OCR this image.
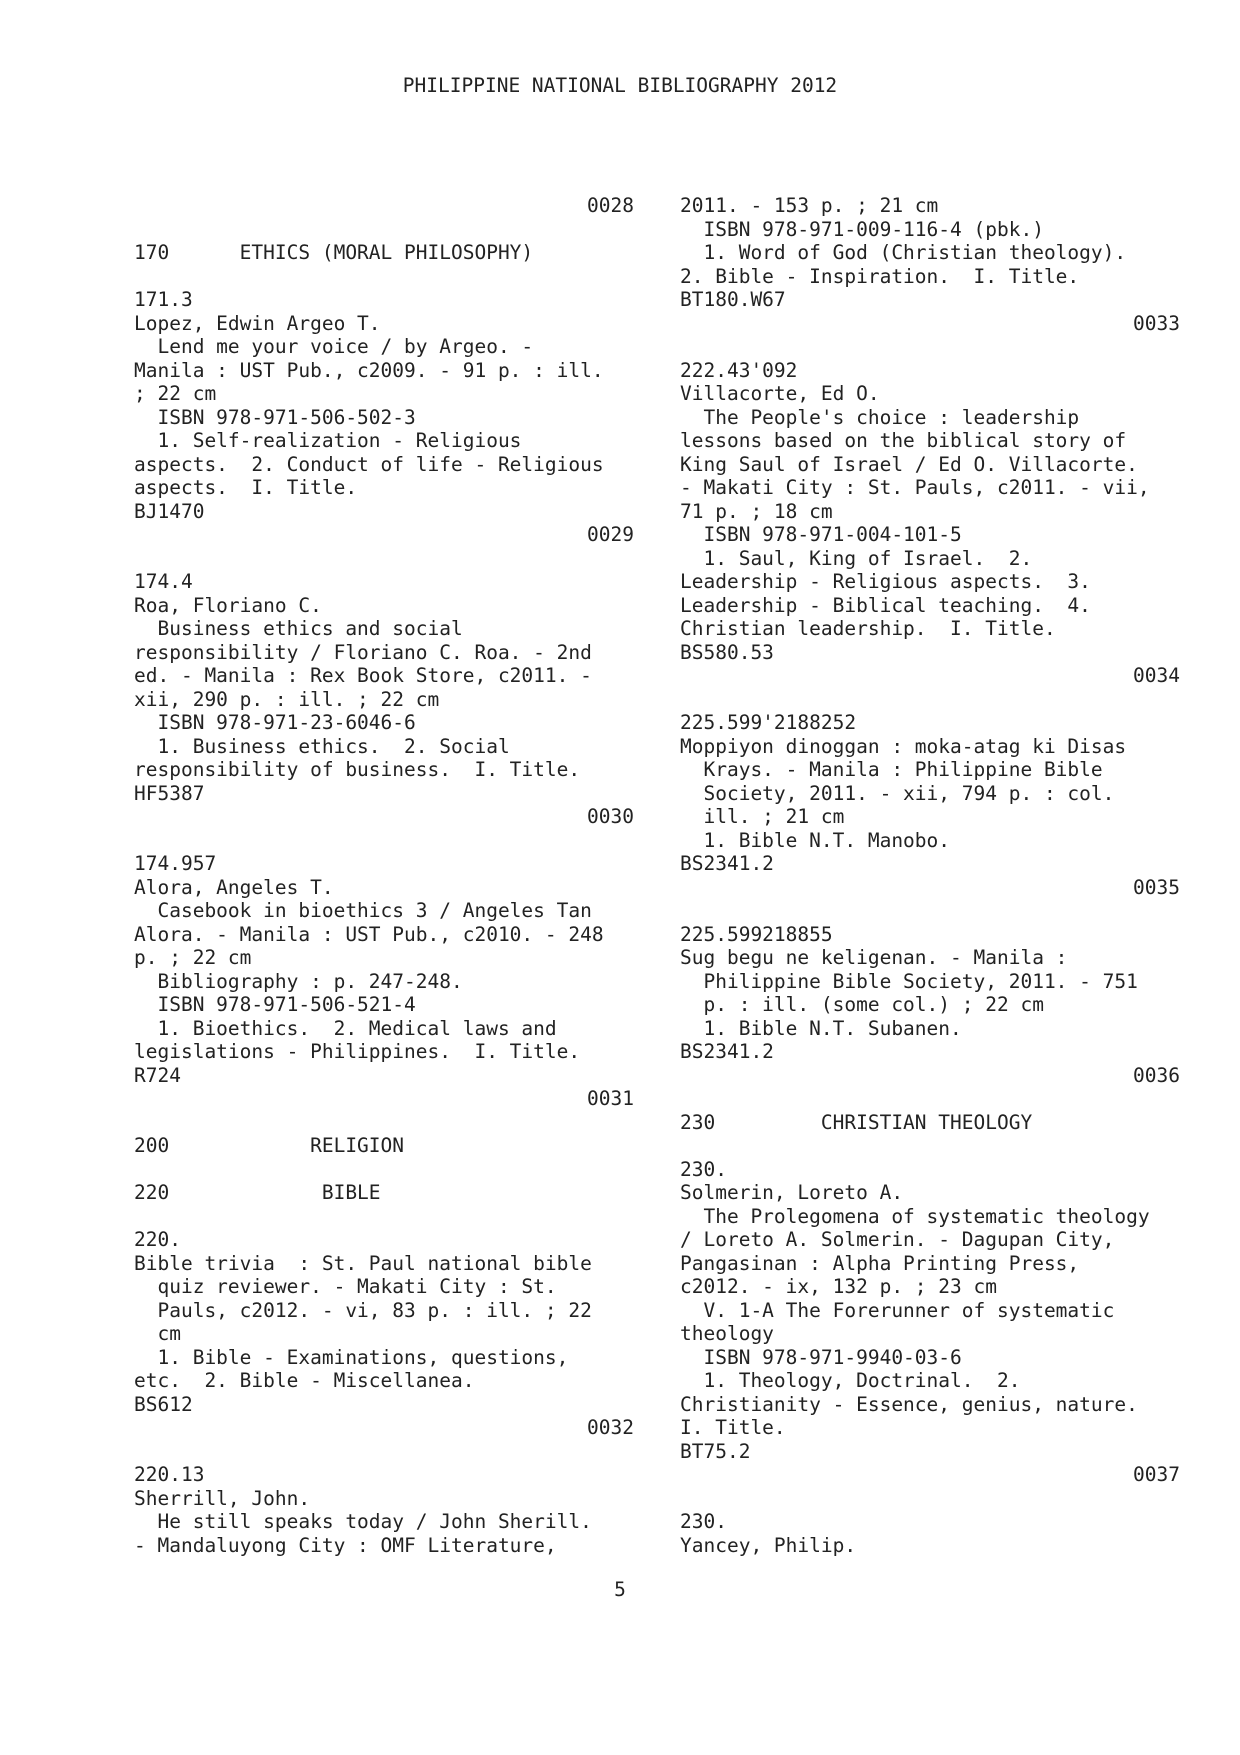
PHILIPPINE NATIONAL BIBLIOGRAPHY 2012
0028
170      ETHICS (MORAL PHILOSOPHY)
171.3
Lopez, Edwin Argeo T.
Lend me your voice / by Argeo. -
Manila : UST Pub., c2009. - 91 p. : ill.
; 22 cm
ISBN 978-971-506-502-3
1. Self-realization - Religious
aspects.  2. Conduct of life - Religious
aspects.  I. Title.
BJ1470
0029
174.4
Roa, Floriano C.
Business ethics and social
responsibility / Floriano C. Roa. - 2nd
ed. - Manila : Rex Book Store, c2011. -
xii, 290 p. : ill. ; 22 cm
ISBN 978-971-23-6046-6
1. Business ethics.  2. Social
responsibility of business.  I. Title.
HF5387
0030
174.957
Alora, Angeles T.
Casebook in bioethics 3 / Angeles Tan
Alora. - Manila : UST Pub., c2010. - 248
p. ; 22 cm
Bibliography : p. 247-248.
ISBN 978-971-506-521-4
1. Bioethics.  2. Medical laws and
legislations - Philippines.  I. Title.
R724
0031
200            RELIGION
220             BIBLE
220.
Bible trivia  : St. Paul national bible
quiz reviewer. - Makati City : St.
Pauls, c2012. - vi, 83 p. : ill. ; 22
cm
1. Bible - Examinations, questions,
etc.  2. Bible - Miscellanea.
BS612
0032
220.13
Sherrill, John.
He still speaks today / John Sherill.
- Mandaluyong City : OMF Literature,
2011. - 153 p. ; 21 cm
ISBN 978-971-009-116-4 (pbk.)
1. Word of God (Christian theology).
2. Bible - Inspiration.  I. Title.
BT180.W67
0033
222.43'092
Villacorte, Ed O.
The People's choice : leadership
lessons based on the biblical story of
King Saul of Israel / Ed O. Villacorte.
- Makati City : St. Pauls, c2011. - vii,
71 p. ; 18 cm
ISBN 978-971-004-101-5
1. Saul, King of Israel.  2.
Leadership - Religious aspects.  3.
Leadership - Biblical teaching.  4.
Christian leadership.  I. Title.
BS580.53
0034
225.599'2188252
Moppiyon dinoggan : moka-atag ki Disas
Krays. - Manila : Philippine Bible
Society, 2011. - xii, 794 p. : col.
ill. ; 21 cm
1. Bible N.T. Manobo.
BS2341.2
0035
225.599218855
Sug begu ne keligenan. - Manila :
Philippine Bible Society, 2011. - 751
p. : ill. (some col.) ; 22 cm
1. Bible N.T. Subanen.
BS2341.2
0036
230         CHRISTIAN THEOLOGY
230.
Solmerin, Loreto A.
The Prolegomena of systematic theology
/ Loreto A. Solmerin. - Dagupan City,
Pangasinan : Alpha Printing Press,
c2012. - ix, 132 p. ; 23 cm
V. 1-A The Forerunner of systematic
theology
ISBN 978-971-9940-03-6
1. Theology, Doctrinal.  2.
Christianity - Essence, genius, nature.
I. Title.
BT75.2
0037
230.
Yancey, Philip.
5
